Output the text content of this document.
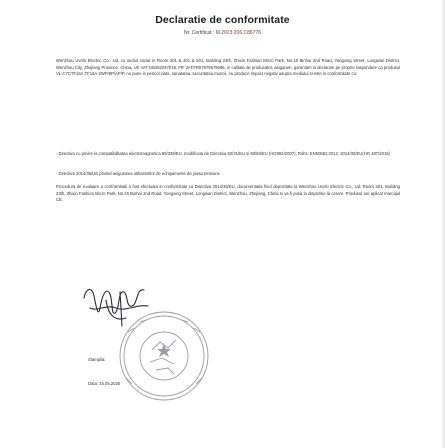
Declaratie de conformitate
Nr. Certificat : M.2023.206.C86776
Wenzhou Uvolo Electric Co., Ud, cu sediul social in Room 301 & 401 & 501, Building 23th, Zhixin Fashion Micro Park, No.16 Binhai 2nd Road, Yongxing Street, Longwan District, Wenzhou City, Zhejiang Province, China, UK VAT:GB282047018, FR VAT:FR57879579095, in calitate de producator, asiguram, garantam si declaram pe proprie raspundere ca produsul VL-C7CTF16A.TF16A-2WP/8P/AP/P, nu pune in pericol viata, sanatatea, securitatea muncii, nu produce impact negativ asupra mediului si este in conformitate cu:
- Directiva cu privire la compatibilitatea electromagnetica 89/336/EU, modificata de Directiva 92/31/EU si 93/68/EU (HG982/2007); Rohs: EN50581:2012; 2014/30/EU(HG 487/2016)
- Directiva 2014/35/UE privind asigurarea utilizatorilor de echipamente de joasa tensiune
Procedura de evaluare a conformitatii a fost efectuata in conformitate cu Directiva 2014/35/EU, documentatia fiind depozitata la Wenzhou Uvolo Electric Co., Ud, Room 301, Building 23th, Zhixin Fashion Micro Park, No.16 Binhai 2nd Road, Yongxing Street, Longwan District, Wenzhou, Zhejiang, China si va fi pusa la dispozitie la cerere. Produsul are aplicat marcajul CE.
Stampila:
Data: 15.05.2025
